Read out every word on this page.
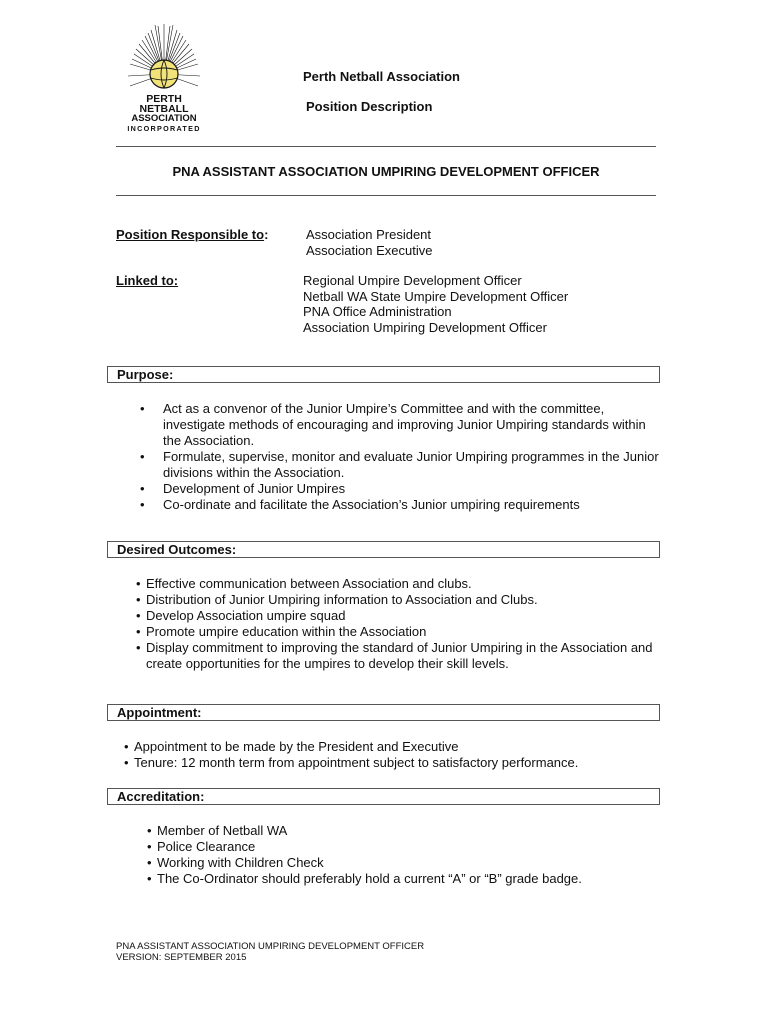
PERTH
NETBALL
ASSOCIATION
INCORPORATED
Perth Netball Association
Position Description
PNA ASSISTANT ASSOCIATION UMPIRING DEVELOPMENT OFFICER
Position Responsible to:	Association President
Association Executive
Linked to:	Regional Umpire Development Officer
Netball WA State Umpire Development Officer
PNA Office Administration
Association Umpiring Development Officer
Purpose:
• Act as a convenor of the Junior Umpire’s Committee and with the committee, investigate methods of encouraging and improving Junior Umpiring standards within the Association.
• Formulate, supervise, monitor and evaluate Junior Umpiring programmes in the Junior divisions within the Association.
• Development of Junior Umpires
• Co-ordinate and facilitate the Association’s Junior umpiring requirements
Desired Outcomes:
• Effective communication between Association and clubs.
• Distribution of Junior Umpiring information to Association and Clubs.
• Develop Association umpire squad
• Promote umpire education within the Association
• Display commitment to improving the standard of Junior Umpiring in the Association and create opportunities for the umpires to develop their skill levels.
Appointment:
• Appointment to be made by the President and Executive
• Tenure: 12 month term from appointment subject to satisfactory performance.
Accreditation:
• Member of Netball WA
• Police Clearance
• Working with Children Check
• The Co-Ordinator should preferably hold a current “A” or “B” grade badge.
PNA ASSISTANT ASSOCIATION UMPIRING DEVELOPMENT OFFICER
VERSION: SEPTEMBER 2015
